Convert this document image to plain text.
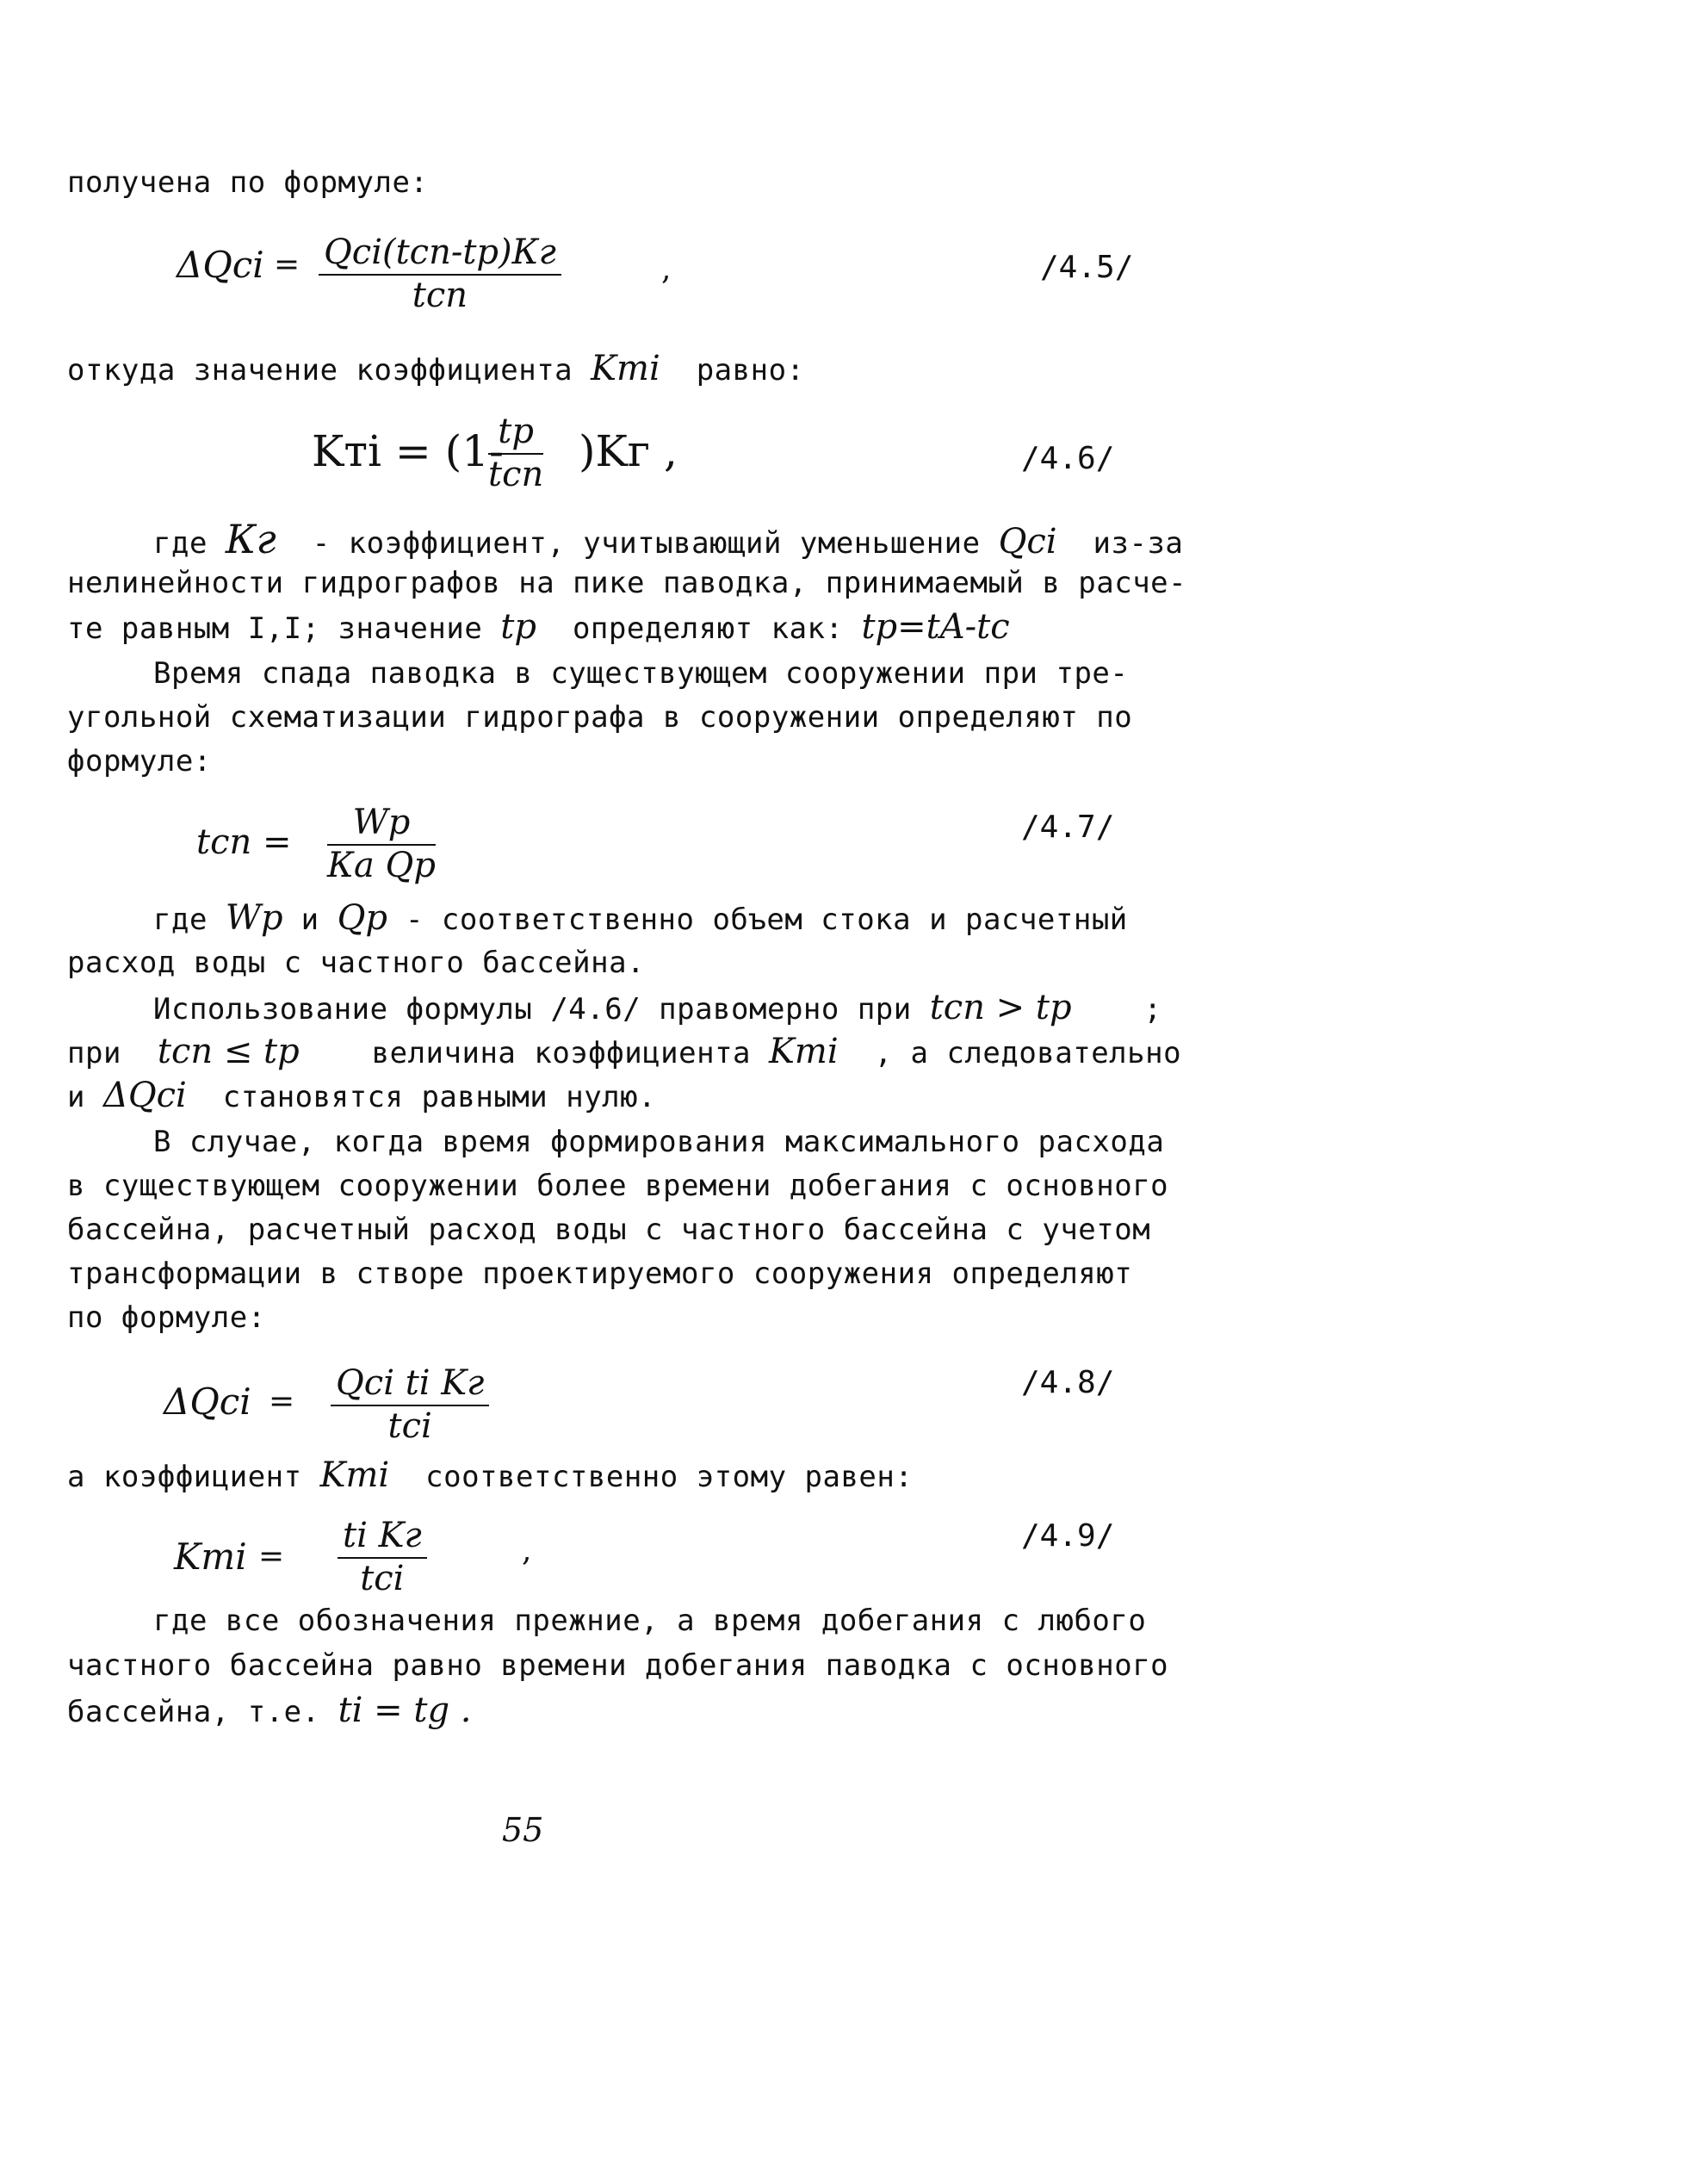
получена по формуле:
ΔQci = Qci(tcп-tр)Кг
tcп
,	/4.5/
откуда значение коэффициента Kтi равно:
Kтi = (1-
tр
tcп )Kг ,	/4.6/
где Кг - коэффициент, учитывающий уменьшение Qci из-за
нелинейности гидрографов на пике паводка, принимаемый в расче-
те равным I,I; значение tр определяют как: tр=tA-tc
Время спада паводка в существующем сооружении при тре-
угольной схематизации гидрографа в сооружении определяют по
формуле:
tcп =	Wр
Ка Qр
/4.7/
где Wр и Qр - соответственно объем стока и расчетный
расход воды с частного бассейна.
Использование формулы /4.6/ правомерно при tcп > tр ;
при tcп ≤ tр величина коэффициента Kтi , а следовательно
и ΔQci становятся равными нулю.
В случае, когда время формирования максимального расхода
в существующем сооружении более времени добегания с основного
бассейна, расчетный расход воды с частного бассейна с учетом
трансформации в створе проектируемого сооружения определяют
по формуле:
ΔQci = Qci ti Kг
tci
/4.8/
а коэффициент Kтi соответственно этому равен:
Kтi =
ti Kг
tci
,	/4.9/
где все обозначения прежние, а время добегания с любого
частного бассейна равно времени добегания паводка с основного
бассейна, т.е. ti = tg .
55
